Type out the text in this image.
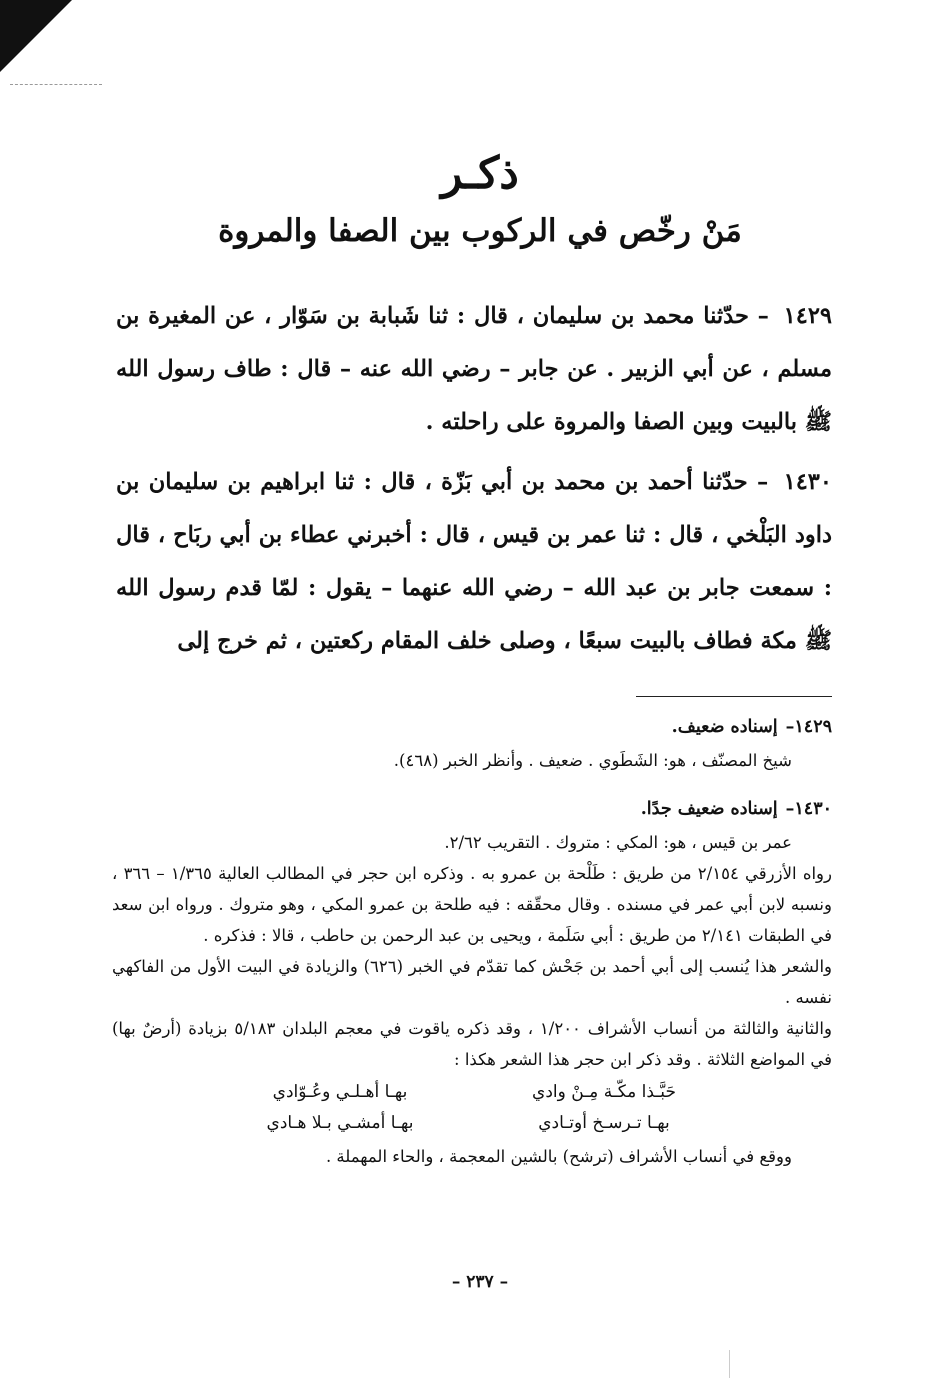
ذكـر
مَنْ رخّص في الركوب بين الصفا والمروة
١٤٢٩ – حدّثنا محمد بن سليمان ، قال : ثنا شَبابة بن سَوّار ، عن المغيرة بن مسلم ، عن أبي الزبير . عن جابر – رضي الله عنه – قال : طاف رسول الله ﷺ بالبيت وبين الصفا والمروة على راحلته .
١٤٣٠ – حدّثنا أحمد بن محمد بن أبي بَزّة ، قال : ثنا ابراهيم بن سليمان بن داود البَلْخي ، قال : ثنا عمر بن قيس ، قال : أخبرني عطاء بن أبي ربَاح ، قال : سمعت جابر بن عبد الله – رضي الله عنهما – يقول : لمّا قدم رسول الله ﷺ مكة فطاف بالبيت سبعًا ، وصلى خلف المقام ركعتين ، ثم خرج إلى
١٤٢٩–إسناده ضعيف.
شيخ المصنّف ، هو: الشَطَوي . ضعيف . وأنظر الخبر (٤٦٨).
١٤٣٠–إسناده ضعيف جدًا.
عمر بن قيس ، هو: المكي : متروك . التقريب ٢/٦٢.
رواه الأزرقي ٢/١٥٤ من طريق : طَلْحة بن عمرو به . وذكره ابن حجر في المطالب العالية ١/٣٦٥ – ٣٦٦ ، ونسبه لابن أبي عمر في مسنده . وقال محقّقه : فيه طلحة بن عمرو المكي ، وهو متروك . ورواه ابن سعد في الطبقات ٢/١٤١ من طريق : أبي سَلَمة ، ويحيى بن عبد الرحمن بن حاطب ، قالا : فذكره .
والشعر هذا يُنسب إلى أبي أحمد بن جَحْش كما تقدّم في الخبر (٦٢٦) والزيادة في البيت الأول من الفاكهي نفسه .
والثانية والثالثة من أنساب الأشراف ١/٢٠٠ ، وقد ذكره ياقوت في معجم البلدان ٥/١٨٣ بزيادة (أرضٌ بها) في المواضع الثلاثة . وقد ذكر ابن حجر هذا الشعر هكذا :
حَبَّـذا مكّـة مِـنْ وادي
بهـا أهـلـي وعُـوّادي
بهـا تـرسـخ أوتـادي
بهـا أمشـي بـلا هـادي
ووقع في أنساب الأشراف (ترشح) بالشين المعجمة ، والحاء المهملة .
– ٢٣٧ –
